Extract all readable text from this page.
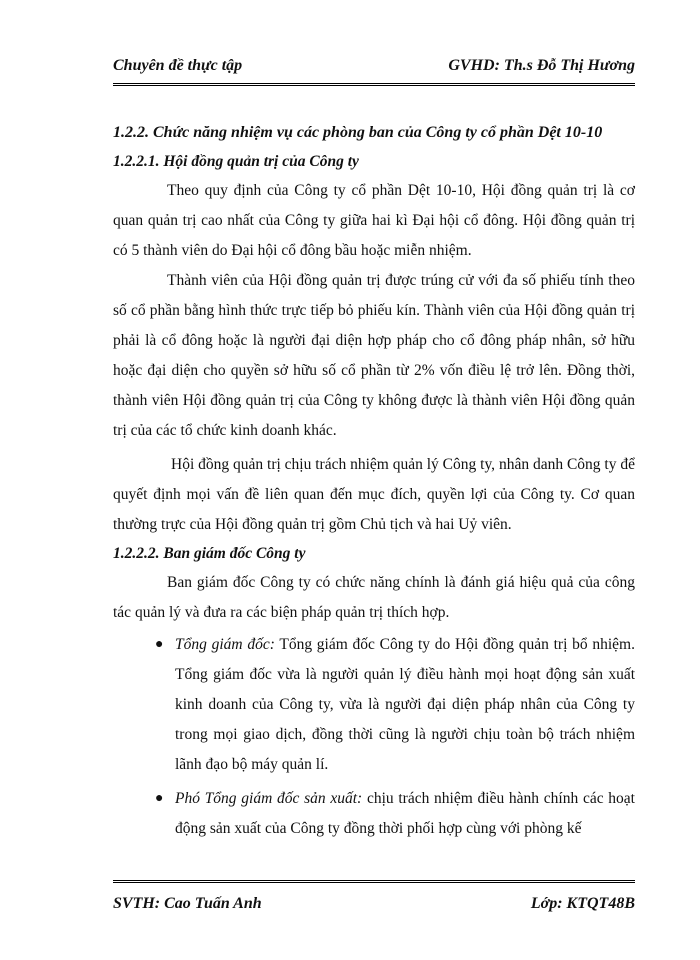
Chuyên đề thực tập	GVHD: Th.s Đỗ Thị Hương
1.2.2. Chức năng nhiệm vụ các phòng ban của Công ty cổ phần Dệt 10-10
1.2.2.1. Hội đồng quản trị của Công ty

Theo quy định của Công ty cổ phần Dệt 10-10, Hội đồng quản trị là cơ quan quản trị cao nhất của Công ty giữa hai kì Đại hội cổ đông. Hội đồng quản trị có 5 thành viên do Đại hội cổ đông bầu hoặc miễn nhiệm.

Thành viên của Hội đồng quản trị được trúng cử với đa số phiếu tính theo số cổ phần bằng hình thức trực tiếp bỏ phiếu kín. Thành viên của Hội đồng quản trị phải là cổ đông hoặc là người đại diện hợp pháp cho cổ đông pháp nhân, sở hữu hoặc đại diện cho quyền sở hữu số cổ phần từ 2% vốn điều lệ trở lên. Đồng thời, thành viên Hội đồng quản trị của Công ty không được là thành viên Hội đồng quản trị của các tổ chức kinh doanh khác.

Hội đồng quản trị chịu trách nhiệm quản lý Công ty, nhân danh Công ty để quyết định mọi vấn đề liên quan đến mục đích, quyền lợi của Công ty. Cơ quan thường trực của Hội đồng quản trị gồm Chủ tịch và hai Uỷ viên.

1.2.2.2. Ban giám đốc Công ty

Ban giám đốc Công ty có chức năng chính là đánh giá hiệu quả của công tác quản lý và đưa ra các biện pháp quản trị thích hợp.

● Tổng giám đốc: Tổng giám đốc Công ty do Hội đồng quản trị bổ nhiệm. Tổng giám đốc vừa là người quản lý điều hành mọi hoạt động sản xuất kinh doanh của Công ty, vừa là người đại diện pháp nhân của Công ty trong mọi giao dịch, đồng thời cũng là người chịu toàn bộ trách nhiệm lãnh đạo bộ máy quản lí.
● Phó Tổng giám đốc sản xuất: chịu trách nhiệm điều hành chính các hoạt động sản xuất của Công ty đồng thời phối hợp cùng với phòng kế
SVTH: Cao Tuấn Anh	Lớp: KTQT48B
